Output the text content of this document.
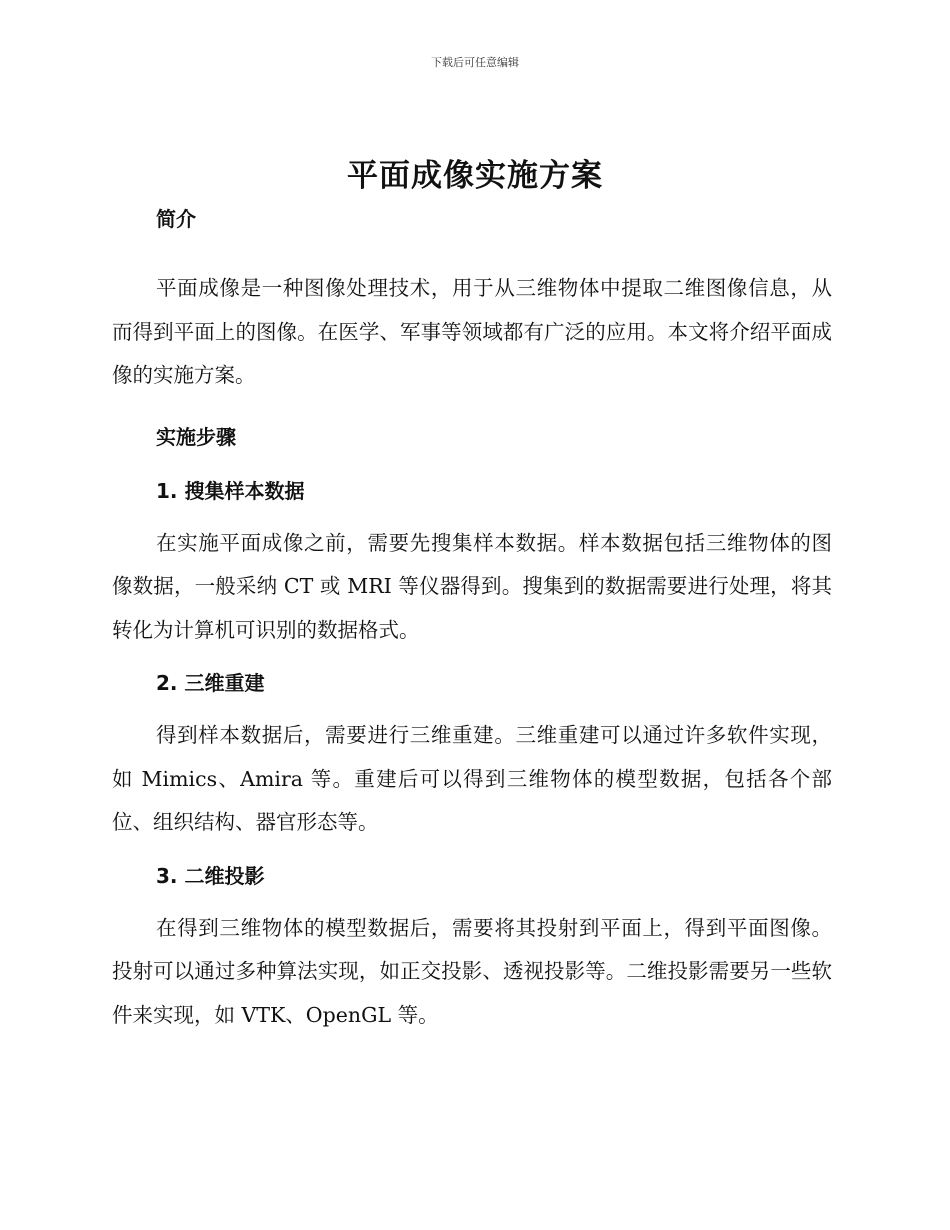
下载后可任意编辑
平面成像实施方案
简介

平面成像是一种图像处理技术，用于从三维物体中提取二维图像信息，从而得到平面上的图像。在医学、军事等领域都有广泛的应用。本文将介绍平面成像的实施方案。

实施步骤
1. 搜集样本数据

在实施平面成像之前，需要先搜集样本数据。样本数据包括三维物体的图像数据，一般采纳 CT 或 MRI 等仪器得到。搜集到的数据需要进行处理，将其转化为计算机可识别的数据格式。

2. 三维重建

得到样本数据后，需要进行三维重建。三维重建可以通过许多软件实现，如 Mimics、Amira 等。重建后可以得到三维物体的模型数据，包括各个部位、组织结构、器官形态等。

3. 二维投影

在得到三维物体的模型数据后，需要将其投射到平面上，得到平面图像。投射可以通过多种算法实现，如正交投影、透视投影等。二维投影需要另一些软件来实现，如 VTK、OpenGL 等。
